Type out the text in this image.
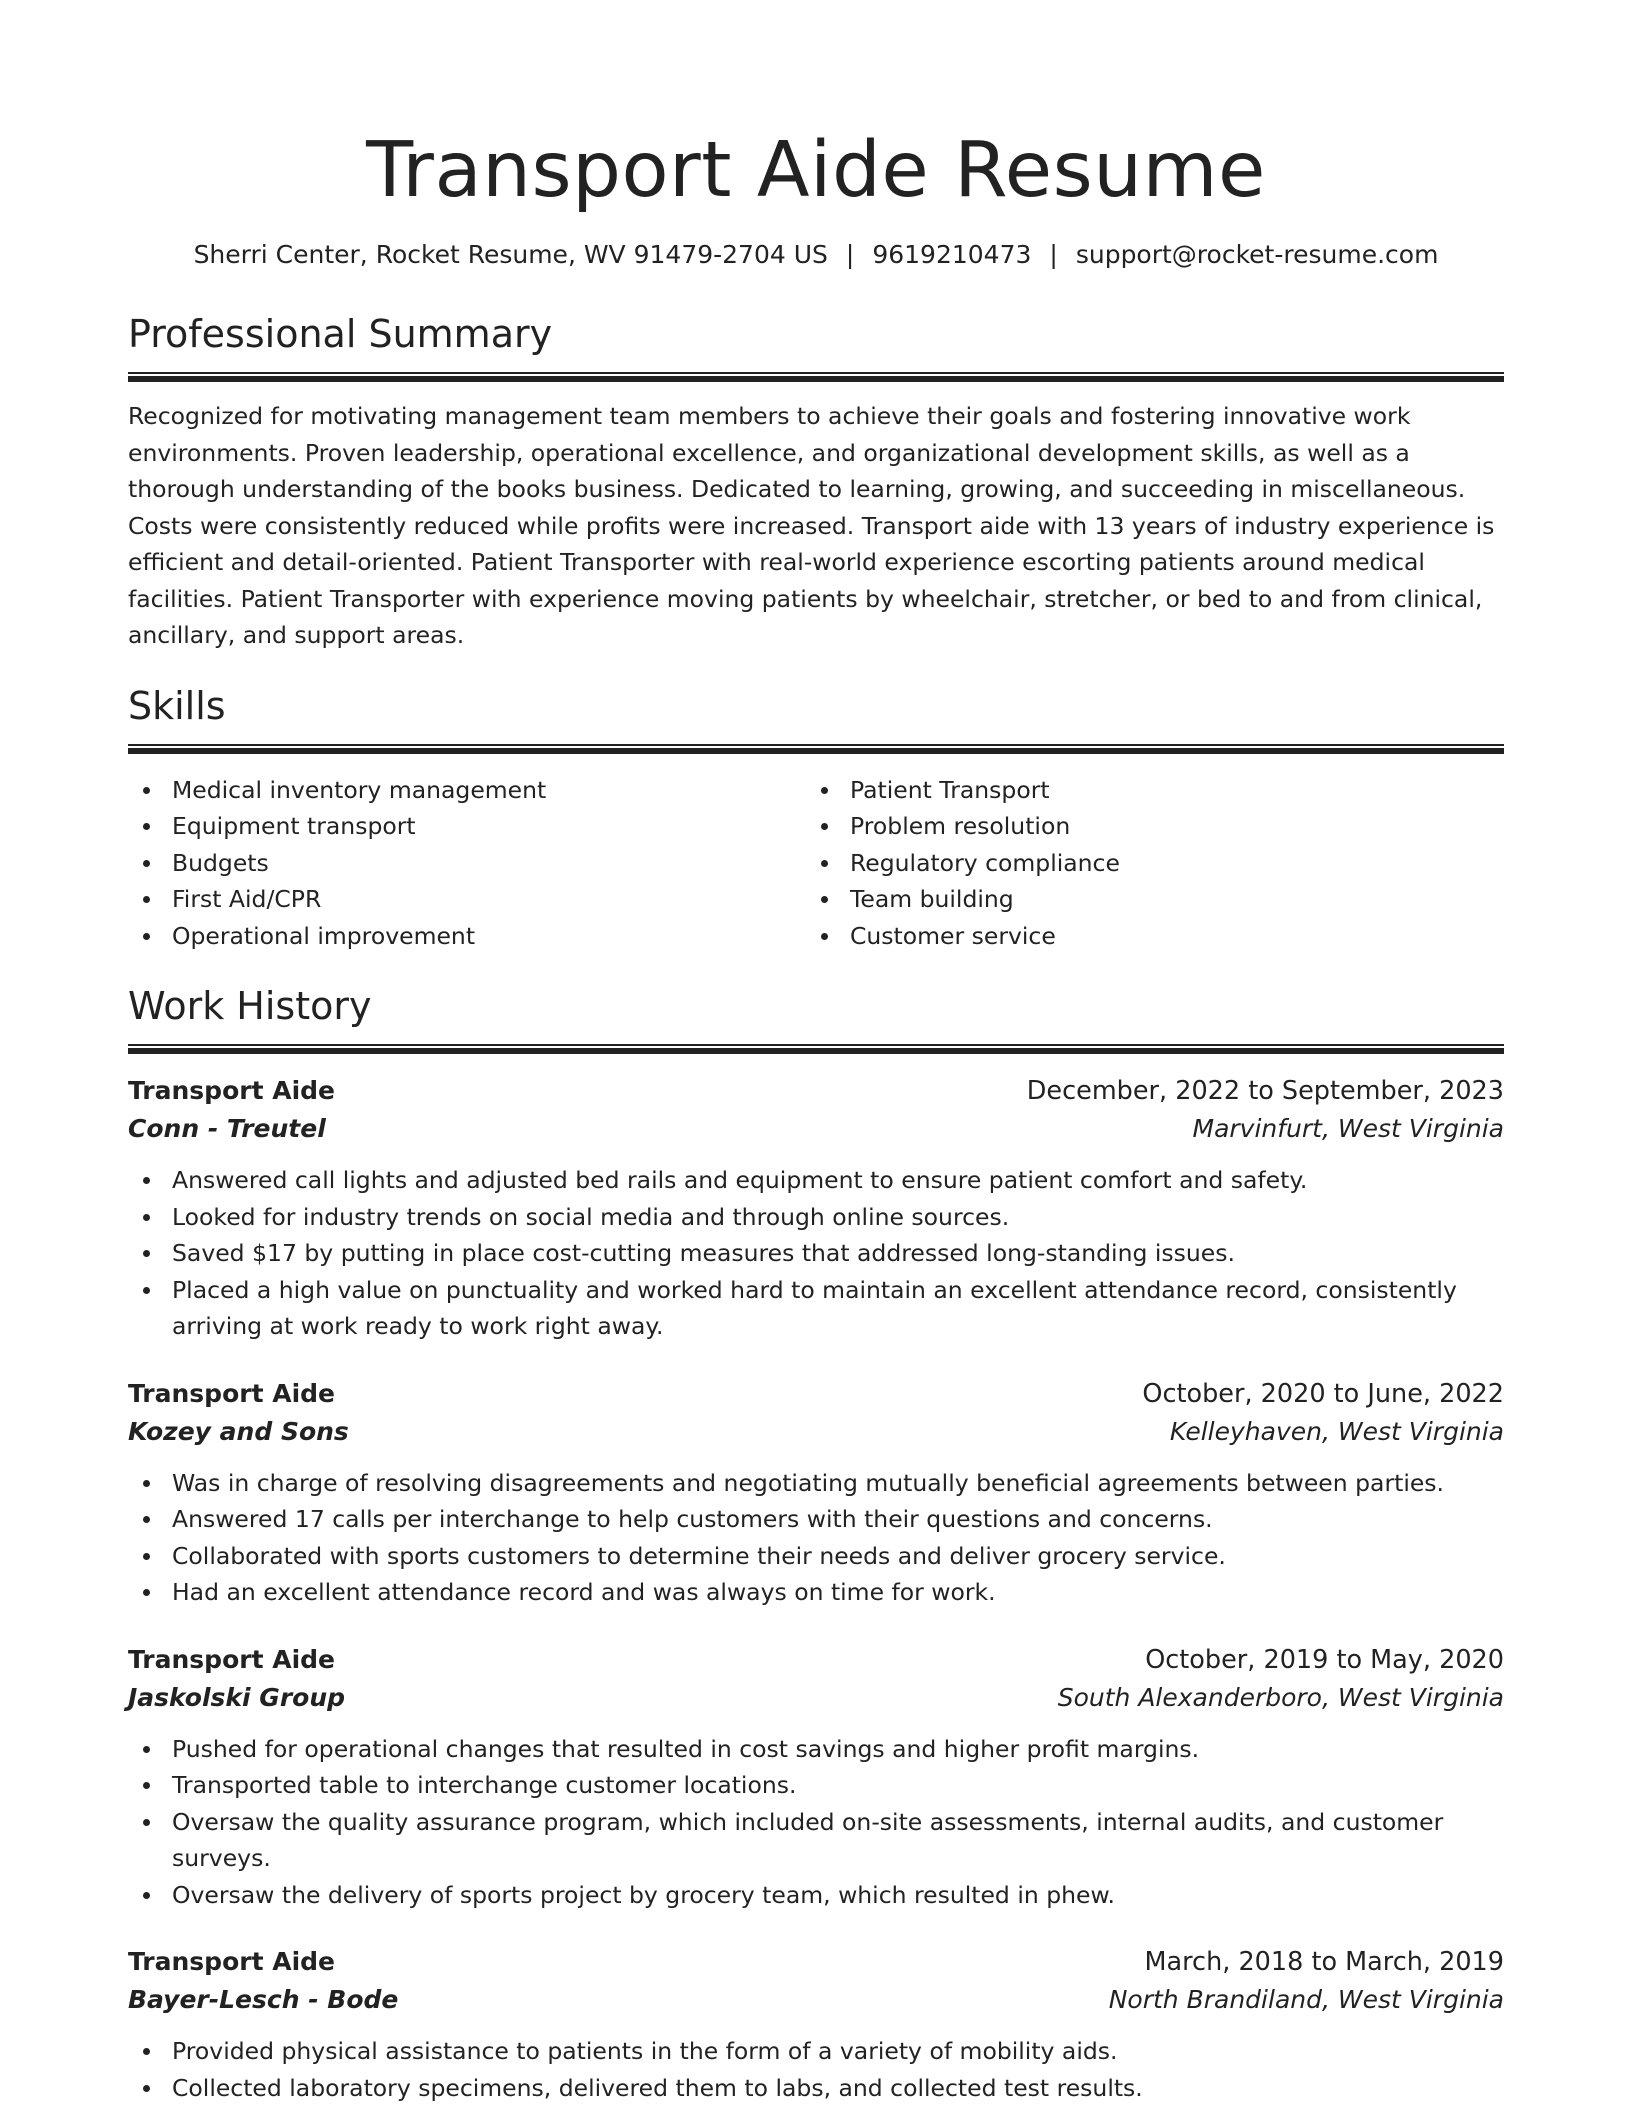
Transport Aide Resume
Sherri Center, Rocket Resume, WV 91479-2704 US | 9619210473 | support@rocket-resume.com
Professional Summary

Recognized for motivating management team members to achieve their goals and fostering innovative work environments. Proven leadership, operational excellence, and organizational development skills, as well as a thorough understanding of the books business. Dedicated to learning, growing, and succeeding in miscellaneous. Costs were consistently reduced while profits were increased. Transport aide with 13 years of industry experience is efficient and detail-oriented. Patient Transporter with real-world experience escorting patients around medical facilities. Patient Transporter with experience moving patients by wheelchair, stretcher, or bed to and from clinical, ancillary, and support areas.

Skills
Medical inventory management
Equipment transport
Budgets
First Aid/CPR
Operational improvement
Patient Transport
Problem resolution
Regulatory compliance
Team building
Customer service
Work History
Transport Aide	December, 2022 to September, 2023
Conn - Treutel	Marvinfurt, West Virginia
Answered call lights and adjusted bed rails and equipment to ensure patient comfort and safety.
Looked for industry trends on social media and through online sources.
Saved $17 by putting in place cost-cutting measures that addressed long-standing issues.
Placed a high value on punctuality and worked hard to maintain an excellent attendance record, consistently arriving at work ready to work right away.
Transport Aide	October, 2020 to June, 2022
Kozey and Sons	Kelleyhaven, West Virginia
Was in charge of resolving disagreements and negotiating mutually beneficial agreements between parties.
Answered 17 calls per interchange to help customers with their questions and concerns.
Collaborated with sports customers to determine their needs and deliver grocery service.
Had an excellent attendance record and was always on time for work.
Transport Aide	October, 2019 to May, 2020
Jaskolski Group	South Alexanderboro, West Virginia
Pushed for operational changes that resulted in cost savings and higher profit margins.
Transported table to interchange customer locations.
Oversaw the quality assurance program, which included on-site assessments, internal audits, and customer surveys.
Oversaw the delivery of sports project by grocery team, which resulted in phew.
Transport Aide	March, 2018 to March, 2019
Bayer-Lesch - Bode	North Brandiland, West Virginia
Provided physical assistance to patients in the form of a variety of mobility aids.
Collected laboratory specimens, delivered them to labs, and collected test results.
